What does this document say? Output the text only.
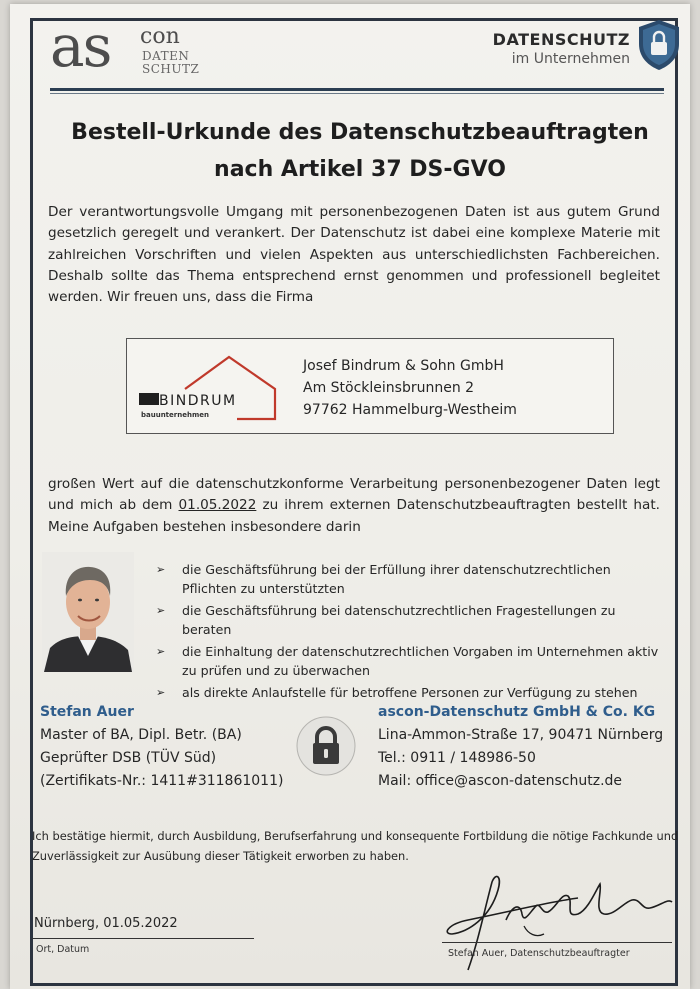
as con
DATEN
SCHUTZ
DATENSCHUTZ
im Unternehmen
Bestell-Urkunde des Datenschutzbeauftragten
nach Artikel 37 DS-GVO
Der verantwortungsvolle Umgang mit personenbezogenen Daten ist aus gutem Grund gesetzlich geregelt und verankert. Der Datenschutz ist dabei eine komplexe Materie mit zahlreichen Vorschriften und vielen Aspekten aus unterschiedlichsten Fachbereichen. Deshalb sollte das Thema entsprechend ernst genommen und professionell begleitet werden. Wir freuen uns, dass die Firma
BINDRUM
bauunternehmen
Josef Bindrum & Sohn GmbH
Am Stöckleinsbrunnen 2
97762 Hammelburg-Westheim
großen Wert auf die datenschutzkonforme Verarbeitung personenbezogener Daten legt und mich ab dem 01.05.2022 zu ihrem externen Datenschutzbeauftragten bestellt hat. Meine Aufgaben bestehen insbesondere darin
➢ die Geschäftsführung bei der Erfüllung ihrer datenschutzrechtlichen Pflichten zu unterstützten
➢ die Geschäftsführung bei datenschutzrechtlichen Fragestellungen zu beraten
➢ die Einhaltung der datenschutzrechtlichen Vorgaben im Unternehmen aktiv zu prüfen und zu überwachen
➢ als direkte Anlaufstelle für betroffene Personen zur Verfügung zu stehen
Stefan Auer
Master of BA, Dipl. Betr. (BA)
Geprüfter DSB (TÜV Süd)
(Zertifikats-Nr.: 1411#311861011)
ascon-Datenschutz GmbH & Co. KG
Lina-Ammon-Straße 17, 90471 Nürnberg
Tel.: 0911 / 148986-50
Mail: office@ascon-datenschutz.de
Ich bestätige hiermit, durch Ausbildung, Berufserfahrung und konsequente Fortbildung die nötige Fachkunde und Zuverlässigkeit zur Ausübung dieser Tätigkeit erworben zu haben.
Nürnberg, 01.05.2022
Ort, Datum	Stefan Auer, Datenschutzbeauftragter
